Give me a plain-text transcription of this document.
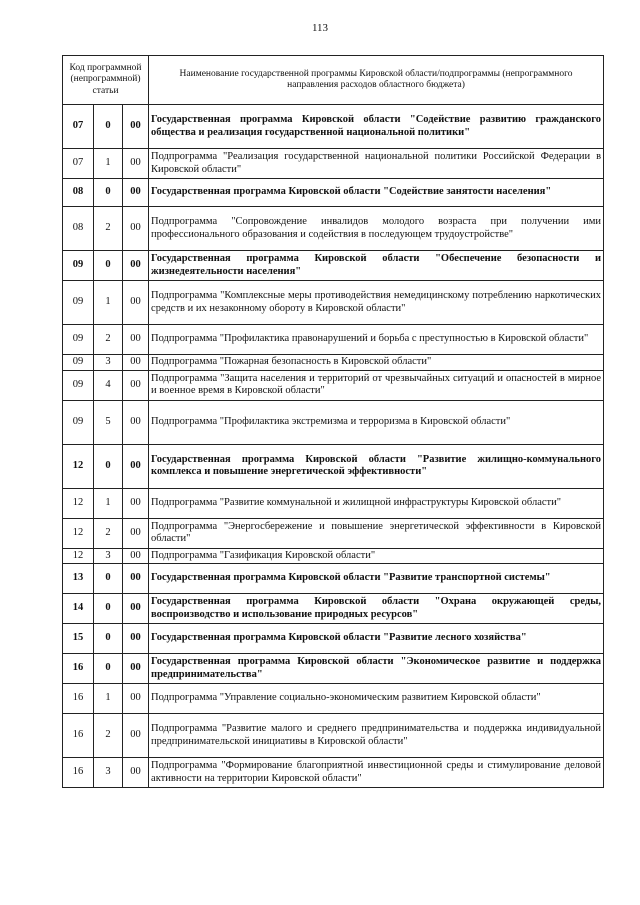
113
Код программной (непрограммной) статьи			Наименование государственной программы Кировской области/подпрограммы (непрограммного направления расходов областного бюджета)
07	0	00	Государственная программа Кировской области "Содействие развитию гражданского общества и реализация государственной национальной политики"
07	1	00	Подпрограмма "Реализация государственной национальной политики Российской Федерации в Кировской области"
08	0	00	Государственная программа Кировской области "Содействие занятости населения"
08	2	00	Подпрограмма "Сопровождение инвалидов молодого возраста при получении ими профессионального образования и содействия в последующем трудоустройстве"
09	0	00	Государственная программа Кировской области "Обеспечение безопасности и жизнедеятельности населения"
09	1	00	Подпрограмма "Комплексные меры противодействия немедицинскому потреблению наркотических средств и их незаконному обороту в Кировской области"
09	2	00	Подпрограмма "Профилактика правонарушений и борьба с преступностью в Кировской области"
09	3	00	Подпрограмма "Пожарная безопасность в Кировской области"
09	4	00	Подпрограмма "Защита населения и территорий от чрезвычайных ситуаций и опасностей в мирное и военное время в Кировской области"
09	5	00	Подпрограмма "Профилактика экстремизма и терроризма в Кировской области"
12	0	00	Государственная программа Кировской области "Развитие жилищно-коммунального комплекса и повышение энергетической эффективности"
12	1	00	Подпрограмма "Развитие коммунальной и жилищной инфраструктуры Кировской области"
12	2	00	Подпрограмма "Энергосбережение и повышение энергетической эффективности в Кировской области"
12	3	00	Подпрограмма "Газификация Кировской области"
13	0	00	Государственная программа Кировской области "Развитие транспортной системы"
14	0	00	Государственная программа Кировской области "Охрана окружающей среды, воспроизводство и использование природных ресурсов"
15	0	00	Государственная программа Кировской области "Развитие лесного хозяйства"
16	0	00	Государственная программа Кировской области "Экономическое развитие и поддержка предпринимательства"
16	1	00	Подпрограмма "Управление социально-экономическим развитием Кировской области"
16	2	00	Подпрограмма "Развитие малого и среднего предпринимательства и поддержка индивидуальной предпринимательской инициативы в Кировской области"
16	3	00	Подпрограмма "Формирование благоприятной инвестиционной среды и стимулирование деловой активности на территории Кировской области"
